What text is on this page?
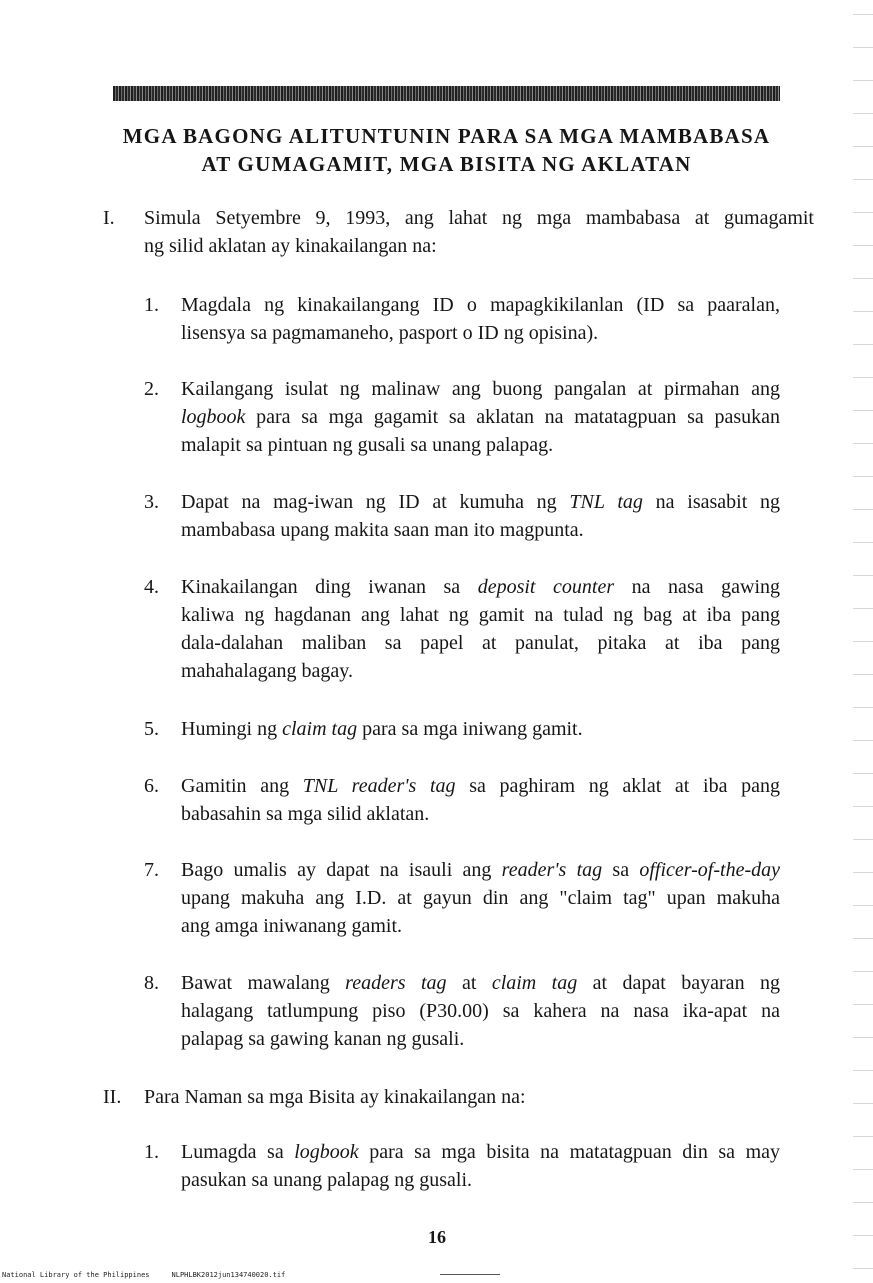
MGA BAGONG ALITUNTUNIN PARA SA MGA MAMBABASA
AT GUMAGAMIT, MGA BISITA NG AKLATAN
I. Simula Setyembre 9, 1993, ang lahat ng mga mambabasa at gumagamit
ng silid aklatan ay kinakailangan na:
1. Magdala ng kinakailangang ID o mapagkikilanlan (ID sa paaralan,
lisensya sa pagmamaneho, pasport o ID ng opisina).
2. Kailangang isulat ng malinaw ang buong pangalan at pirmahan ang
logbook para sa mga gagamit sa aklatan na matatagpuan sa pasukan
malapit sa pintuan ng gusali sa unang palapag.
3. Dapat na mag-iwan ng ID at kumuha ng TNL tag na isasabit ng
mambabasa upang makita saan man ito magpunta.
4. Kinakailangan ding iwanan sa deposit counter na nasa gawing
kaliwa ng hagdanan ang lahat ng gamit na tulad ng bag at iba pang
dala-dalahan maliban sa papel at panulat, pitaka at iba pang
mahahalagang bagay.
5. Humingi ng claim tag para sa mga iniwang gamit.
6. Gamitin ang TNL reader's tag sa paghiram ng aklat at iba pang
babasahin sa mga silid aklatan.
7. Bago umalis ay dapat na isauli ang reader's tag sa officer-of-the-day
upang makuha ang I.D. at gayun din ang "claim tag" upan makuha
ang amga iniwanang gamit.
8. Bawat mawalang readers tag at claim tag at dapat bayaran ng
halagang tatlumpung piso (P30.00) sa kahera na nasa ika-apat na
palapag sa gawing kanan ng gusali.
II. Para Naman sa mga Bisita ay kinakailangan na:
1. Lumagda sa logbook para sa mga bisita na matatagpuan din sa may
pasukan sa unang palapag ng gusali.
16
National Library of the Philippines	NLPHLBK2012jun134740020.tif
